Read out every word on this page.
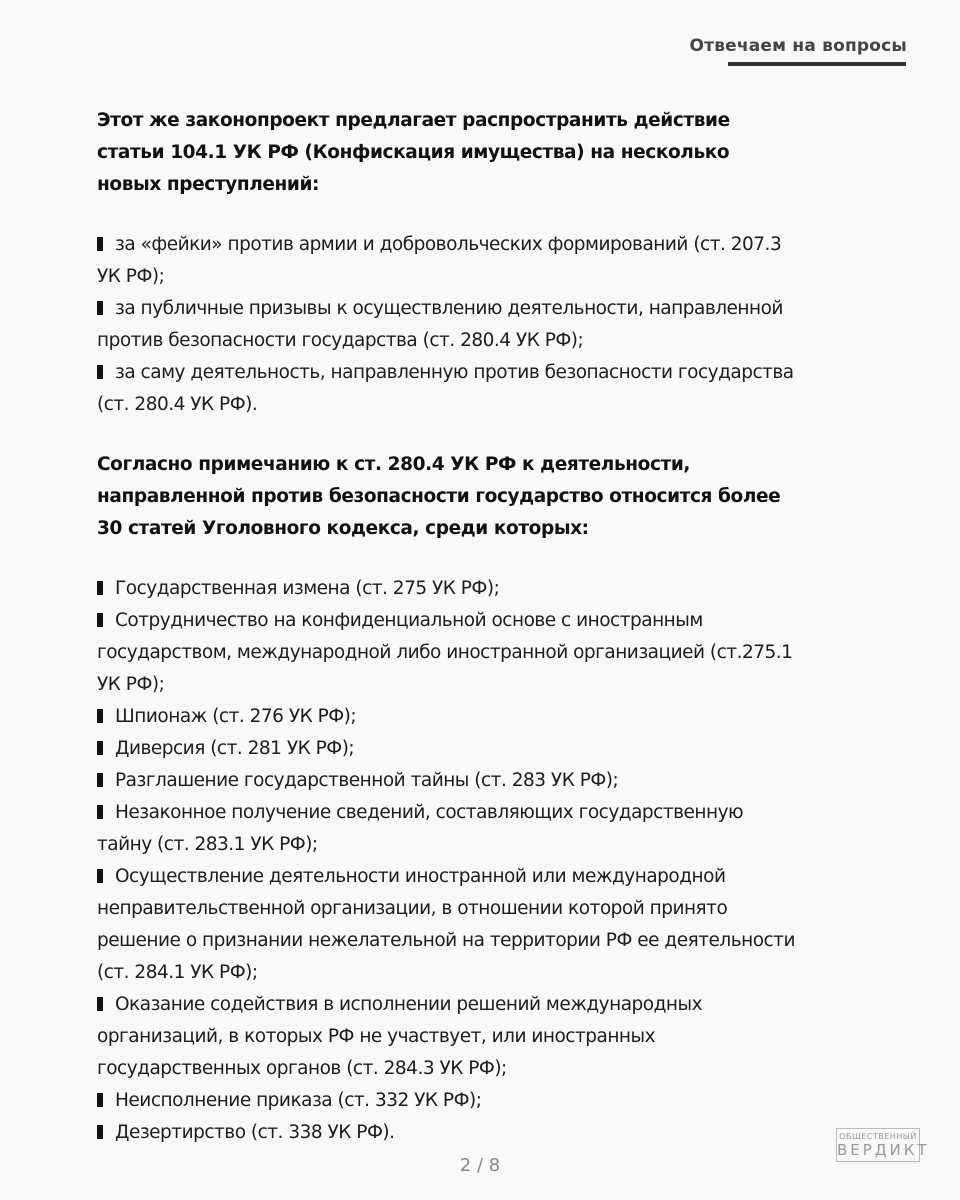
Отвечаем на вопросы

Этот же законопроект предлагает распространить действие статьи 104.1 УК РФ (Конфискация имущества) на несколько новых преступлений:

за «фейки» против армии и добровольческих формирований (ст. 207.3 УК РФ);
за публичные призывы к осуществлению деятельности, направленной против безопасности государства (ст. 280.4 УК РФ);
за саму деятельность, направленную против безопасности государства (ст. 280.4 УК РФ).

Согласно примечанию к ст. 280.4 УК РФ к деятельности, направленной против безопасности государство относится более 30 статей Уголовного кодекса, среди которых:

Государственная измена (ст. 275 УК РФ);
Сотрудничество на конфиденциальной основе с иностранным государством, международной либо иностранной организацией (ст.275.1 УК РФ);
Шпионаж (ст. 276 УК РФ);
Диверсия (ст. 281 УК РФ);
Разглашение государственной тайны (ст. 283 УК РФ);
Незаконное получение сведений, составляющих государственную тайну (ст. 283.1 УК РФ);
Осуществление деятельности иностранной или международной неправительственной организации, в отношении которой принято решение о признании нежелательной на территории РФ ее деятельности (ст. 284.1 УК РФ);
Оказание содействия в исполнении решений международных организаций, в которых РФ не участвует, или иностранных государственных органов (ст. 284.3 УК РФ);
Неисполнение приказа (ст. 332 УК РФ);
Дезертирство (ст. 338 УК РФ).
2 / 8
ОБЩЕСТВЕННЫЙ
ВЕРДИКТ
